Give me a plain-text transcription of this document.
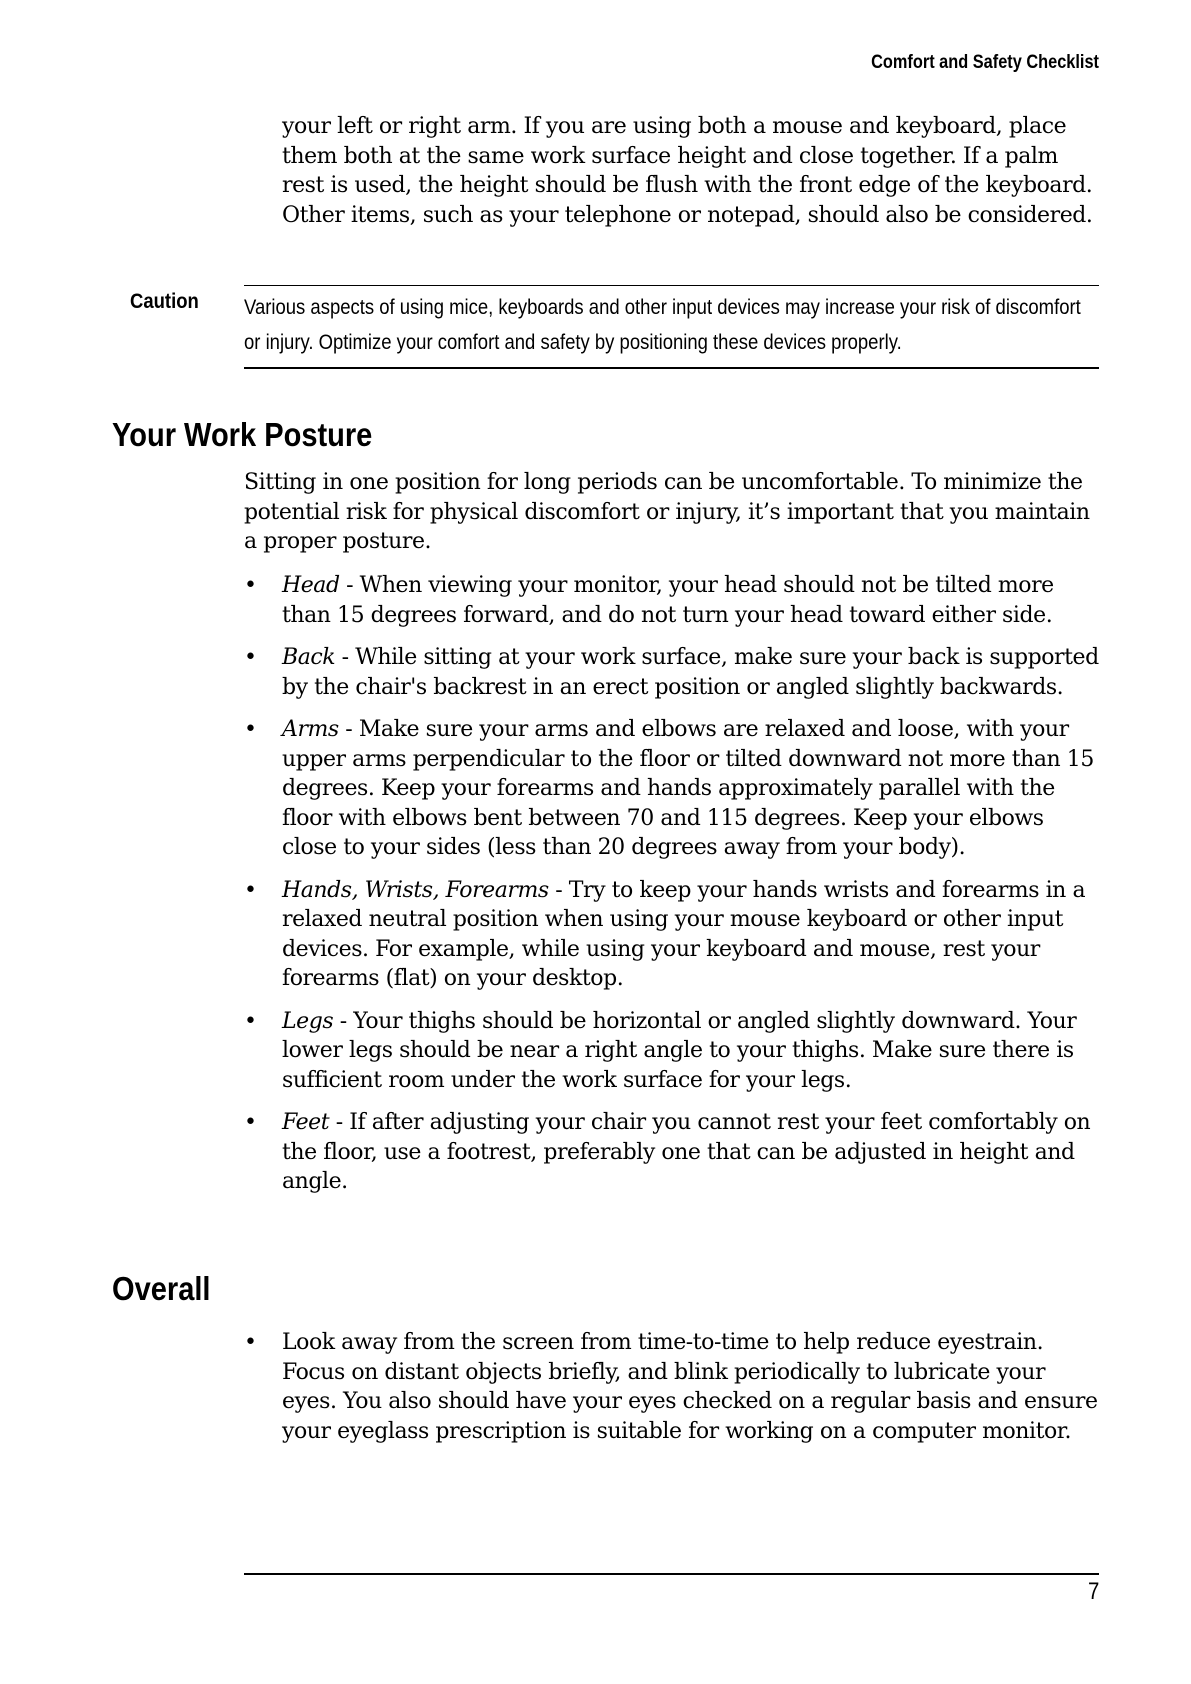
Comfort and Safety Checklist

your left or right arm. If you are using both a mouse and keyboard, place them both at the same work surface height and close together. If a palm rest is used, the height should be flush with the front edge of the keyboard. Other items, such as your telephone or notepad, should also be considered.

Caution Various aspects of using mice, keyboards and other input devices may increase your risk of discomfort or injury. Optimize your comfort and safety by positioning these devices properly.

Your Work Posture

Sitting in one position for long periods can be uncomfortable. To minimize the potential risk for physical discomfort or injury, it’s important that you maintain a proper posture.

• Head - When viewing your monitor, your head should not be tilted more than 15 degrees forward, and do not turn your head toward either side.
• Back - While sitting at your work surface, make sure your back is supported by the chair's backrest in an erect position or angled slightly backwards.
• Arms - Make sure your arms and elbows are relaxed and loose, with your upper arms perpendicular to the floor or tilted downward not more than 15 degrees. Keep your forearms and hands approximately parallel with the floor with elbows bent between 70 and 115 degrees. Keep your elbows close to your sides (less than 20 degrees away from your body).
• Hands, Wrists, Forearms - Try to keep your hands wrists and forearms in a relaxed neutral position when using your mouse keyboard or other input devices. For example, while using your keyboard and mouse, rest your forearms (flat) on your desktop.
• Legs - Your thighs should be horizontal or angled slightly downward. Your lower legs should be near a right angle to your thighs. Make sure there is sufficient room under the work surface for your legs.
• Feet - If after adjusting your chair you cannot rest your feet comfortably on the floor, use a footrest, preferably one that can be adjusted in height and angle.
Overall
• Look away from the screen from time-to-time to help reduce eyestrain. Focus on distant objects briefly, and blink periodically to lubricate your eyes. You also should have your eyes checked on a regular basis and ensure your eyeglass prescription is suitable for working on a computer monitor.
7
